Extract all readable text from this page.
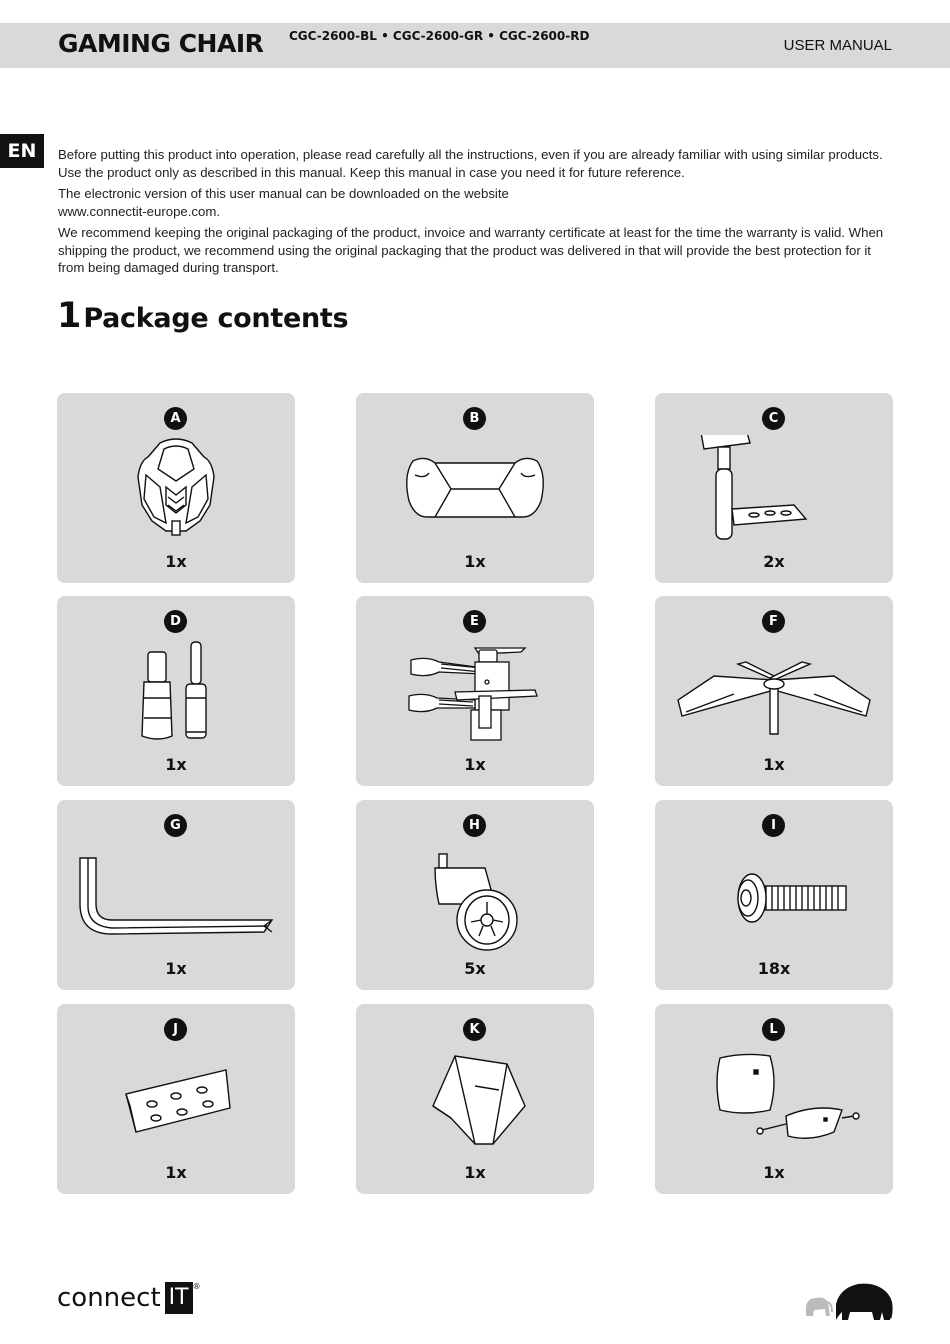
GAMING CHAIR CGC-2600-BL • CGC-2600-GR • CGC-2600-RD
USER MANUAL
EN	Before putting this product into operation, please read carefully all the instructions, even if you are already familiar with using similar products. Use the product only as described in this manual. Keep this manual in case you need it for future reference.

The electronic version of this user manual can be downloaded on the website www.connectit-europe.com.

We recommend keeping the original packaging of the product, invoice and warranty certificate at least for the time the warranty is valid. When shipping the product, we recommend using the original packaging that the product was delivered in that will provide the best protection for it from being damaged during transport.

1Package contents
A
1x
B
1x
C
2x
D
1x
E
1x
F
1x
G
1x
H
5x
I
18x
J
1x
K
1x
L
1x
connect IT ®
